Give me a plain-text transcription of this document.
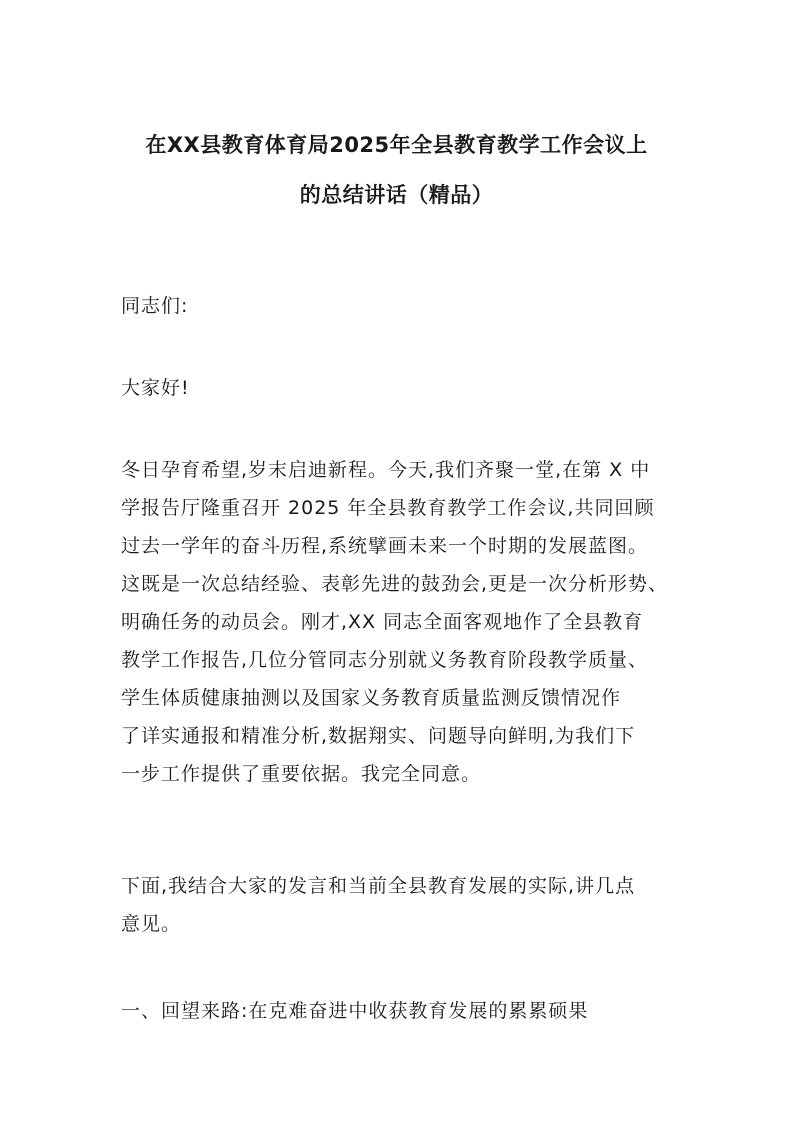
在XX县教育体育局2025年全县教育教学工作会议上
的总结讲话（精品）
同志们:
大家好!
冬日孕育希望,岁末启迪新程。今天,我们齐聚一堂,在第 X 中
学报告厅隆重召开 2025 年全县教育教学工作会议,共同回顾
过去一学年的奋斗历程,系统擘画未来一个时期的发展蓝图。
这既是一次总结经验、表彰先进的鼓劲会,更是一次分析形势、
明确任务的动员会。刚才,XX 同志全面客观地作了全县教育
教学工作报告,几位分管同志分别就义务教育阶段教学质量、
学生体质健康抽测以及国家义务教育质量监测反馈情况作
了详实通报和精准分析,数据翔实、问题导向鲜明,为我们下
一步工作提供了重要依据。我完全同意。
下面,我结合大家的发言和当前全县教育发展的实际,讲几点
意见。
一、回望来路:在克难奋进中收获教育发展的累累硕果
